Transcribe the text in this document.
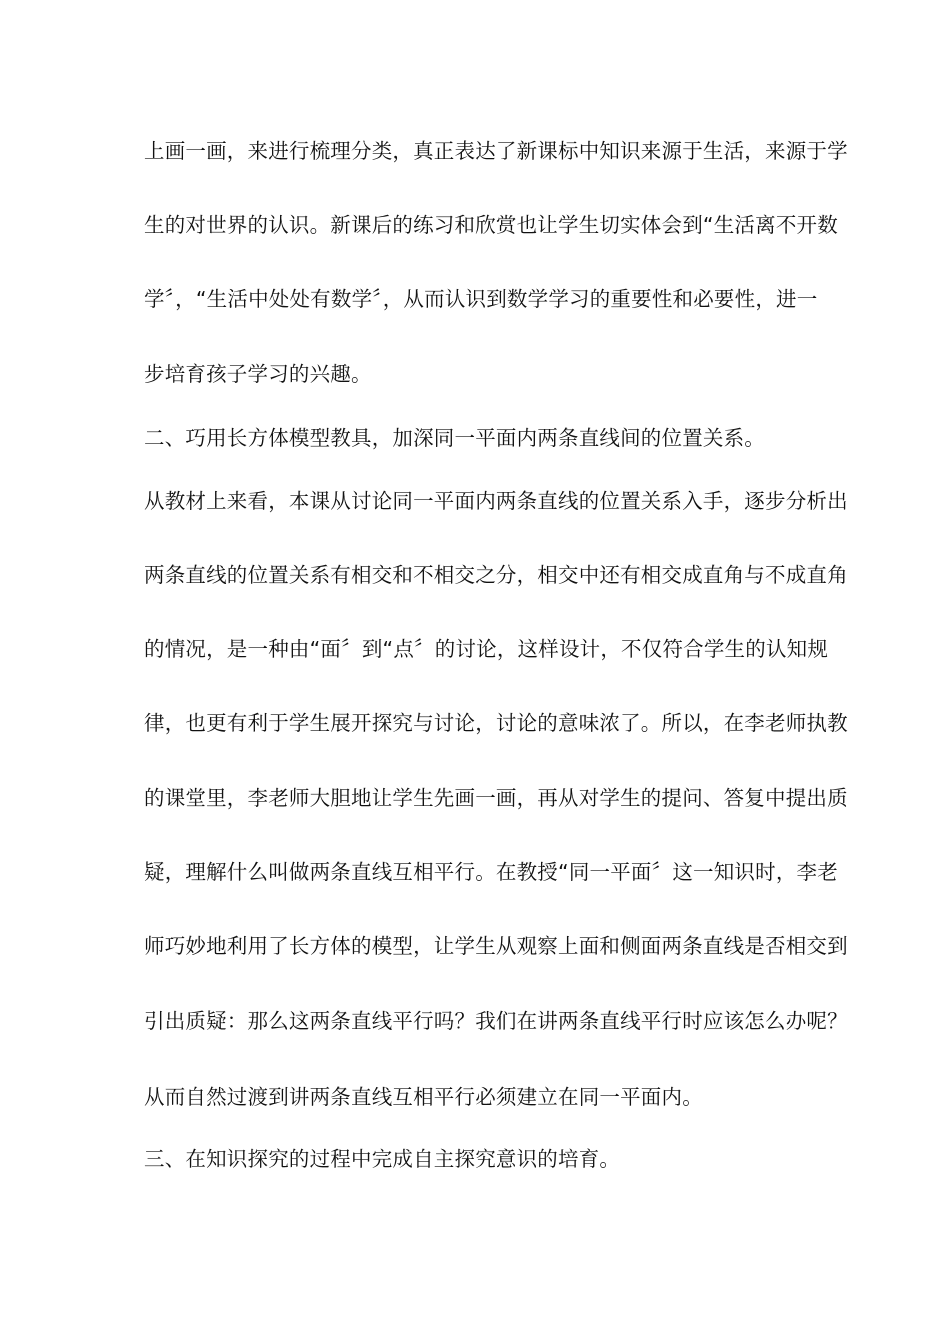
上画一画，来进行梳理分类，真正表达了新课标中知识来源于生活，来源于学
生的对世界的认识。新课后的练习和欣赏也让学生切实体会到“生活离不开数
学〞，“生活中处处有数学〞，从而认识到数学学习的重要性和必要性，进一
步培育孩子学习的兴趣。
二、巧用长方体模型教具，加深同一平面内两条直线间的位置关系。
从教材上来看，本课从讨论同一平面内两条直线的位置关系入手，逐步分析出
两条直线的位置关系有相交和不相交之分，相交中还有相交成直角与不成直角
的情况，是一种由“面〞到“点〞的讨论，这样设计，不仅符合学生的认知规
律，也更有利于学生展开探究与讨论，讨论的意味浓了。所以，在李老师执教
的课堂里，李老师大胆地让学生先画一画，再从对学生的提问、答复中提出质
疑，理解什么叫做两条直线互相平行。在教授“同一平面〞这一知识时，李老
师巧妙地利用了长方体的模型，让学生从观察上面和侧面两条直线是否相交到
引出质疑：那么这两条直线平行吗？我们在讲两条直线平行时应该怎么办呢？
从而自然过渡到讲两条直线互相平行必须建立在同一平面内。
三、在知识探究的过程中完成自主探究意识的培育。
